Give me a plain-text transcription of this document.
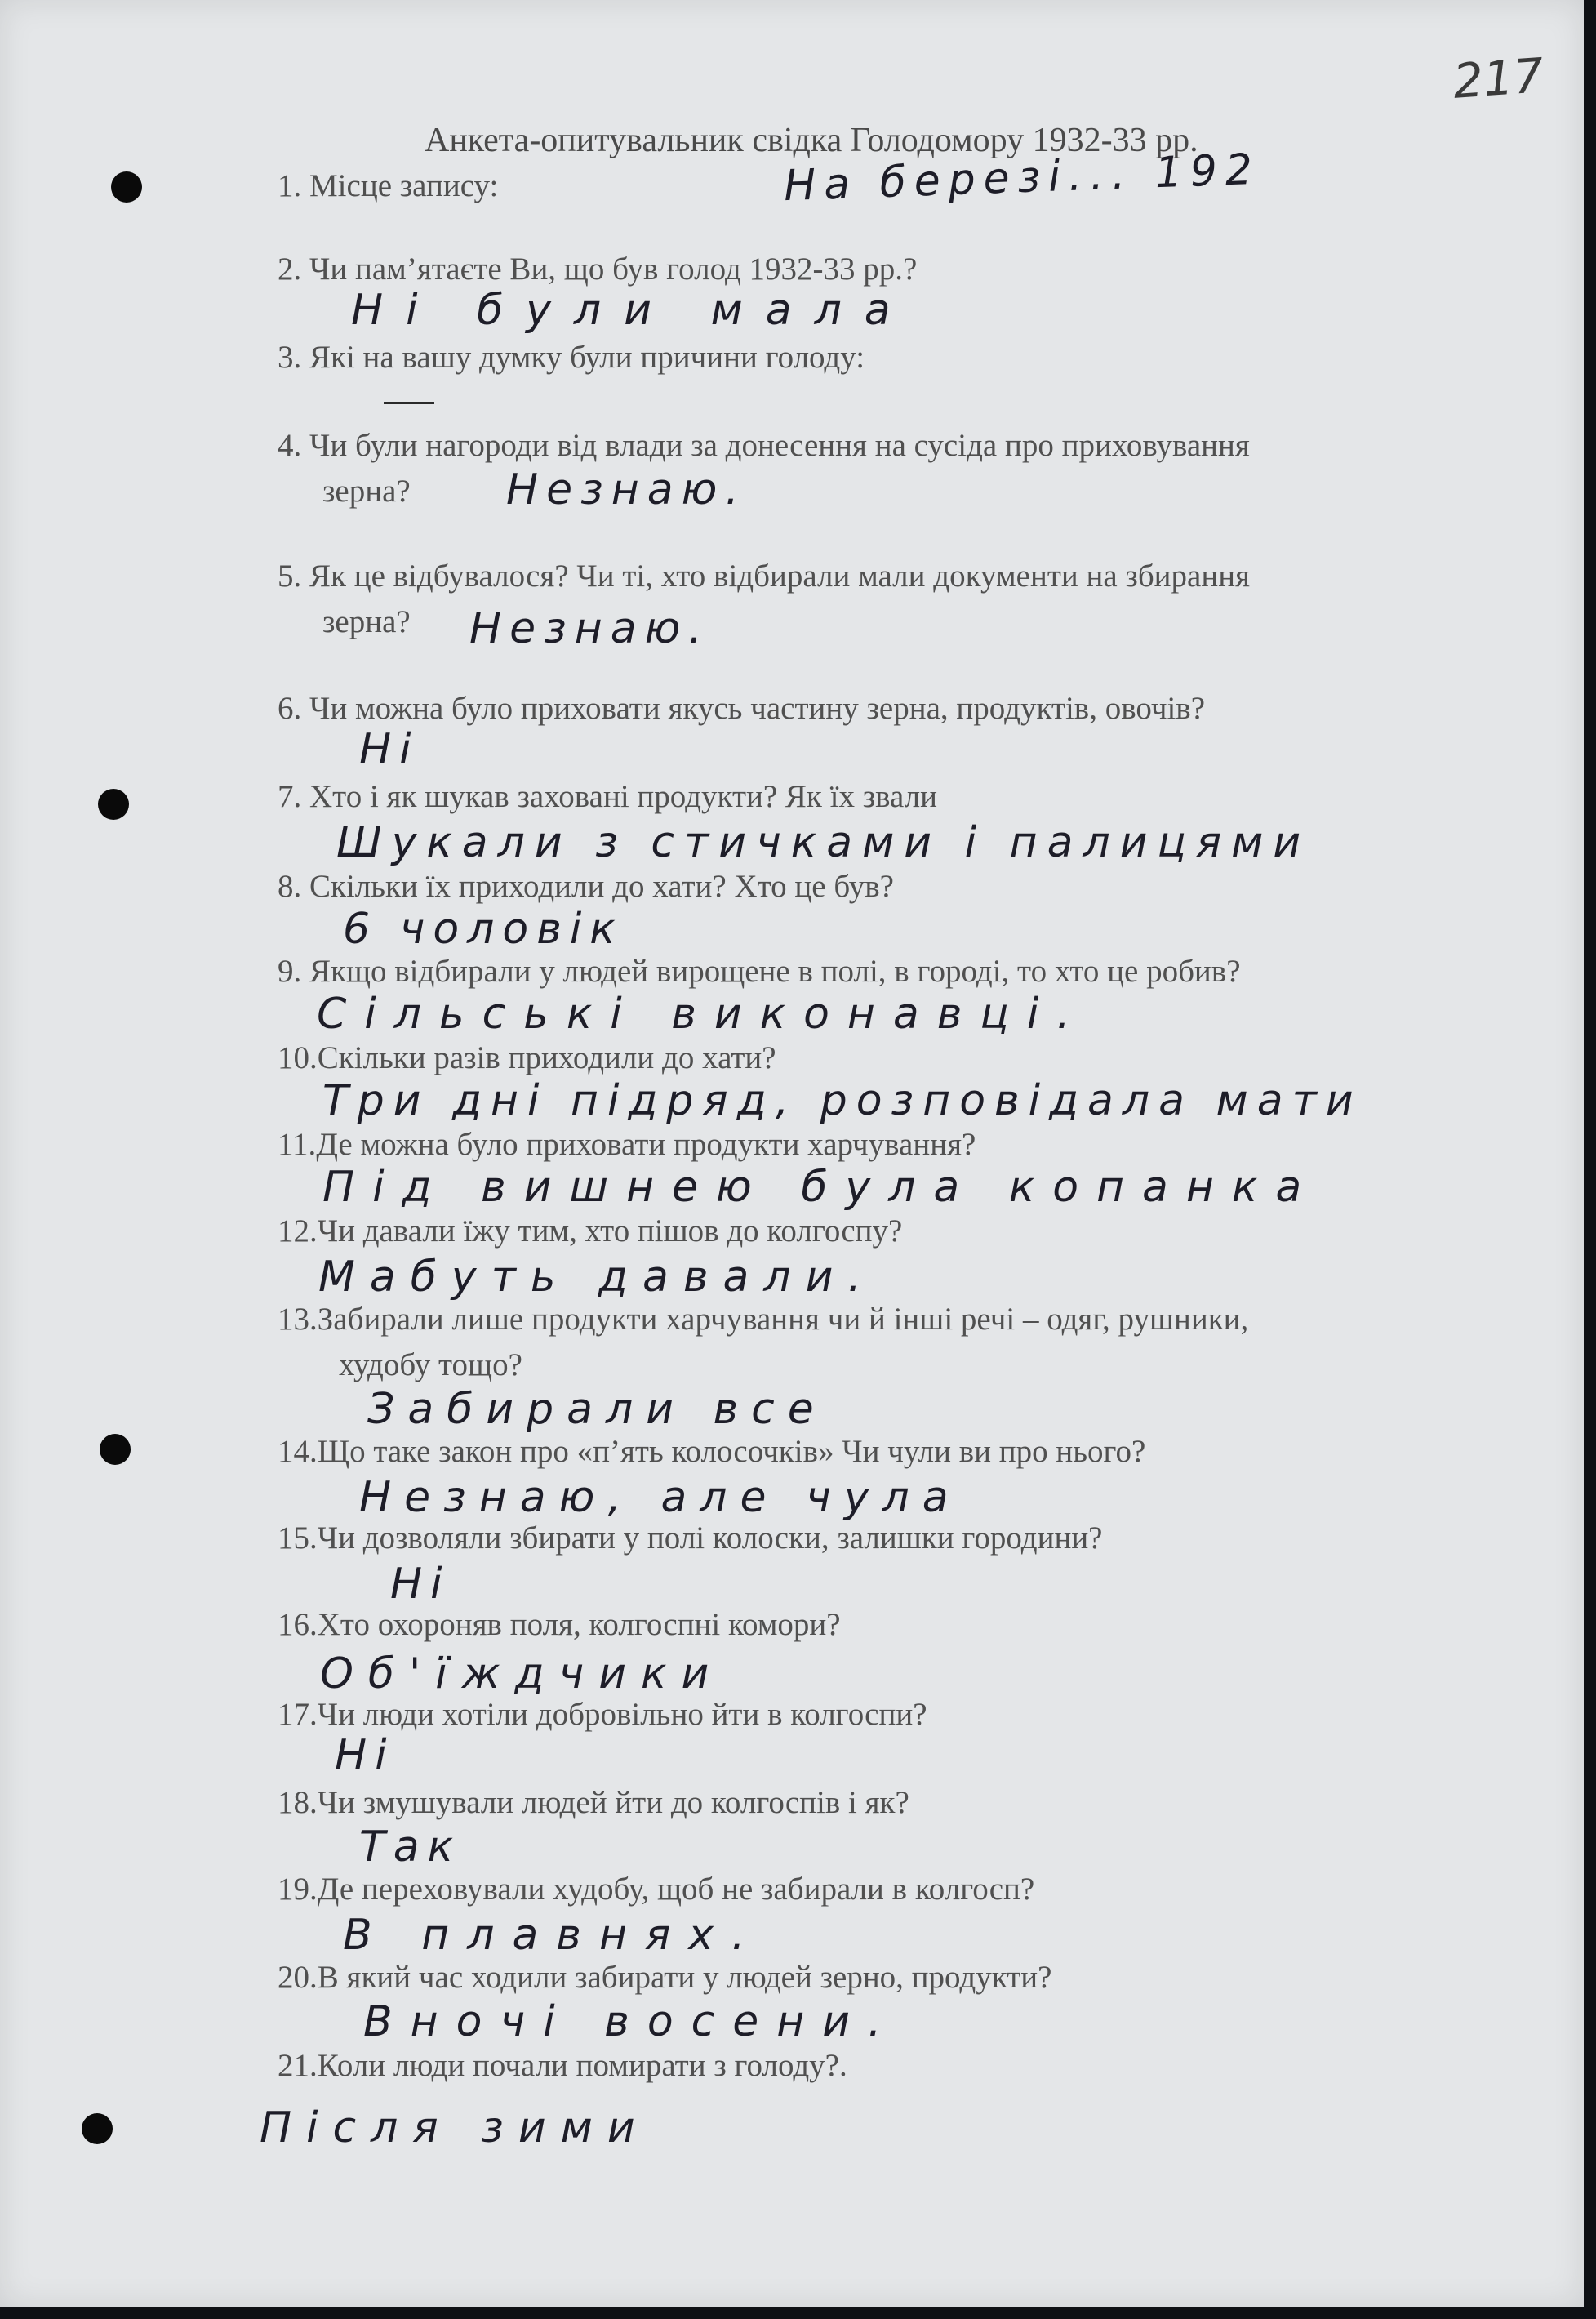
217
Анкета-опитувальник свідка Голодомору 1932-33 рр.
1. Місце запису:
2. Чи пам’ятаєте Ви, що був голод 1932-33 рр.?
3. Які на вашу думку були причини голоду:
4. Чи були нагороди від влади за донесення на сусіда про приховування
зерна?
5. Як це відбувалося? Чи ті, хто відбирали мали документи на збирання
зерна?
6. Чи можна було приховати якусь частину зерна, продуктів, овочів?
7. Хто і як шукав заховані продукти? Як їх звали
8. Скільки їх приходили до хати? Хто це був?
9. Якщо відбирали у людей вирощене в полі, в городі, то хто це робив?
10.Скільки разів приходили до хати?
11.Де можна було приховати продукти харчування?
12.Чи давали їжу тим, хто пішов до колгоспу?
13.Забирали лише продукти харчування чи й інші речі – одяг, рушники,
худобу тощо?
14.Що таке закон про «п’ять колосочків» Чи чули ви про нього?
15.Чи дозволяли збирати у полі колоски, залишки городини?
16.Хто охороняв поля, колгоспні комори?
17.Чи люди хотіли добровільно йти в колгоспи?
18.Чи змушували людей йти до колгоспів і як?
19.Де переховували худобу, щоб не забирали в колгосп?
20.В який час ходили забирати у людей зерно, продукти?
21.Коли люди почали помирати з голоду?.
На березі... 192
Ні були мала
Незнаю.
Незнаю.
Ні
Шукали з стичками і палицями
6 чоловік
Сільські виконавці.
Три дні підряд, розповідала мати
Під вишнею була копанка
Мабуть давали.
Забирали все
Незнаю, але чула
Ні
Об'їждчики
Ні
Так
В плавнях.
Вночі восени.
Після зими
